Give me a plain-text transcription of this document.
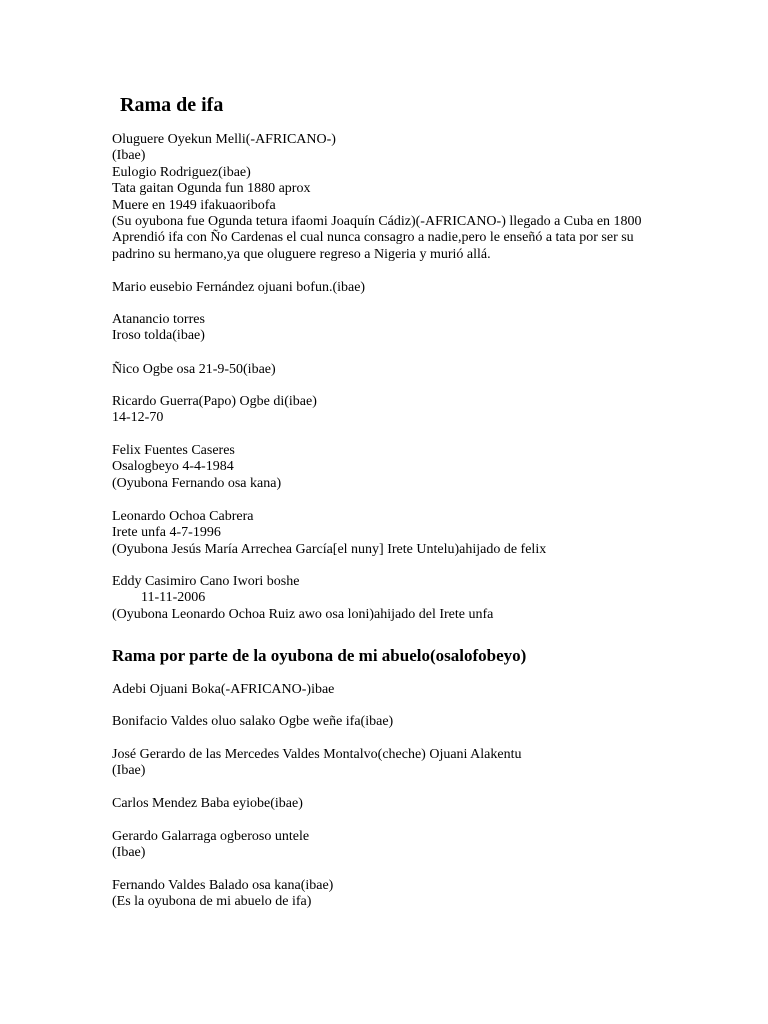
Rama de ifa
Oluguere Oyekun Melli(-AFRICANO-)
(Ibae)
Eulogio Rodriguez(ibae)
Tata gaitan Ogunda fun 1880 aprox
Muere en 1949 ifakuaoribofa
(Su oyubona fue Ogunda tetura ifaomi Joaquín Cádiz)(-AFRICANO-) llegado a Cuba en 1800
Aprendió ifa con Ño Cardenas el cual nunca consagro a nadie,pero le enseñó a tata por ser su
padrino su hermano,ya que oluguere regreso a Nigeria y murió allá.
Mario eusebio Fernández ojuani bofun.(ibae)
Atanancio torres
Iroso tolda(ibae)
Ñico Ogbe osa 21-9-50(ibae)
Ricardo Guerra(Papo) Ogbe di(ibae)
14-12-70
Felix Fuentes Caseres
Osalogbeyo 4-4-1984
(Oyubona Fernando osa kana)
Leonardo Ochoa Cabrera
Irete unfa 4-7-1996
(Oyubona Jesús María Arrechea García[el nuny] Irete Untelu)ahijado de felix
Eddy Casimiro Cano Iwori boshe
11-11-2006
(Oyubona Leonardo Ochoa Ruiz awo osa loni)ahijado del Irete unfa
Rama por parte de la oyubona de mi abuelo(osalofobeyo)
Adebi Ojuani Boka(-AFRICANO-)ibae
Bonifacio Valdes oluo salako Ogbe weñe ifa(ibae)
José Gerardo de las Mercedes Valdes Montalvo(cheche) Ojuani Alakentu
(Ibae)
Carlos Mendez Baba eyiobe(ibae)
Gerardo Galarraga ogberoso untele
(Ibae)
Fernando Valdes Balado osa kana(ibae)
(Es la oyubona de mi abuelo de ifa)
